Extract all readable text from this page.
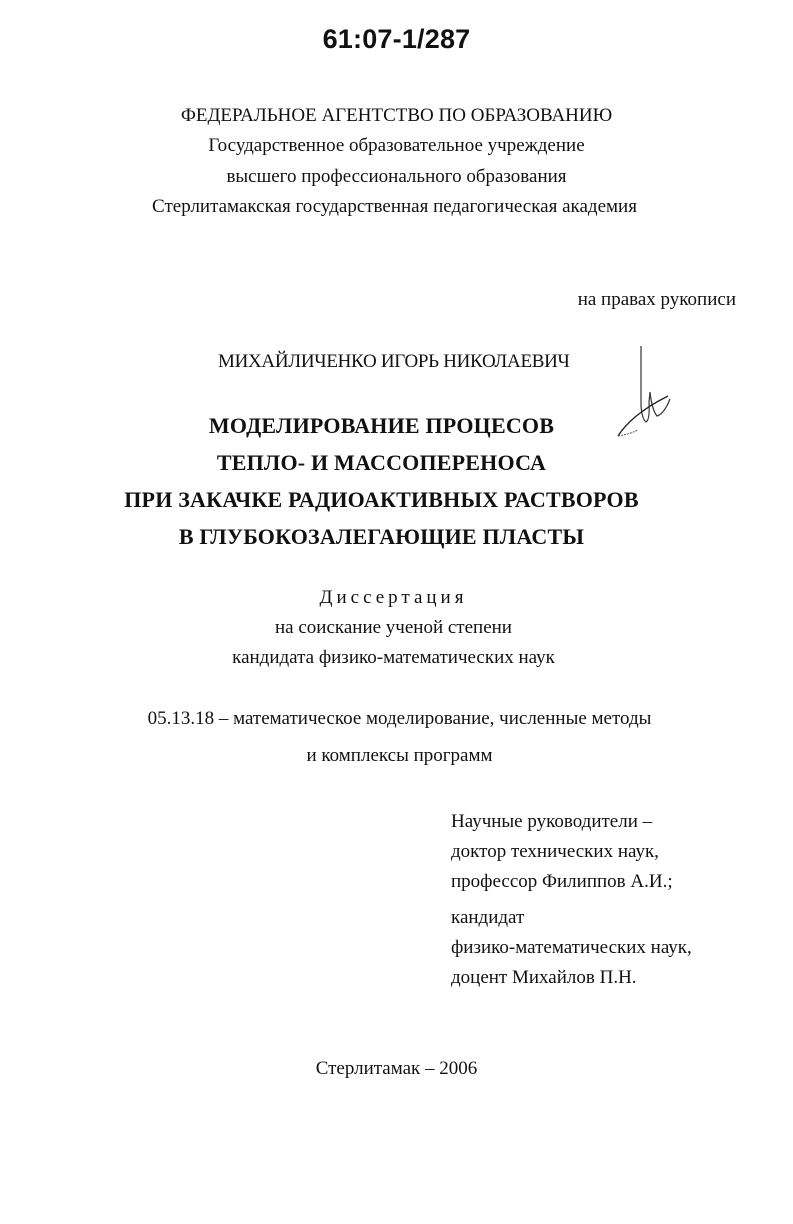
61:07-1/287
ФЕДЕРАЛЬНОЕ АГЕНТСТВО ПО ОБРАЗОВАНИЮ
Государственное образовательное учреждение
высшего профессионального образования
Стерлитамакская государственная педагогическая академия
на правах рукописи
МИХАЙЛИЧЕНКО ИГОРЬ НИКОЛАЕВИЧ
МОДЕЛИРОВАНИЕ ПРОЦЕСОВ
ТЕПЛО- И МАССОПЕРЕНОСА
ПРИ ЗАКАЧКЕ РАДИОАКТИВНЫХ РАСТВОРОВ
В ГЛУБОКОЗАЛЕГАЮЩИЕ ПЛАСТЫ
Диссертация
на соискание ученой степени
кандидата физико-математических наук
05.13.18 – математическое моделирование, численные методы
и комплексы программ
Научные руководители –
доктор технических наук,
профессор Филиппов А.И.;
кандидат
физико-математических наук,
доцент Михайлов П.Н.
Стерлитамак – 2006
